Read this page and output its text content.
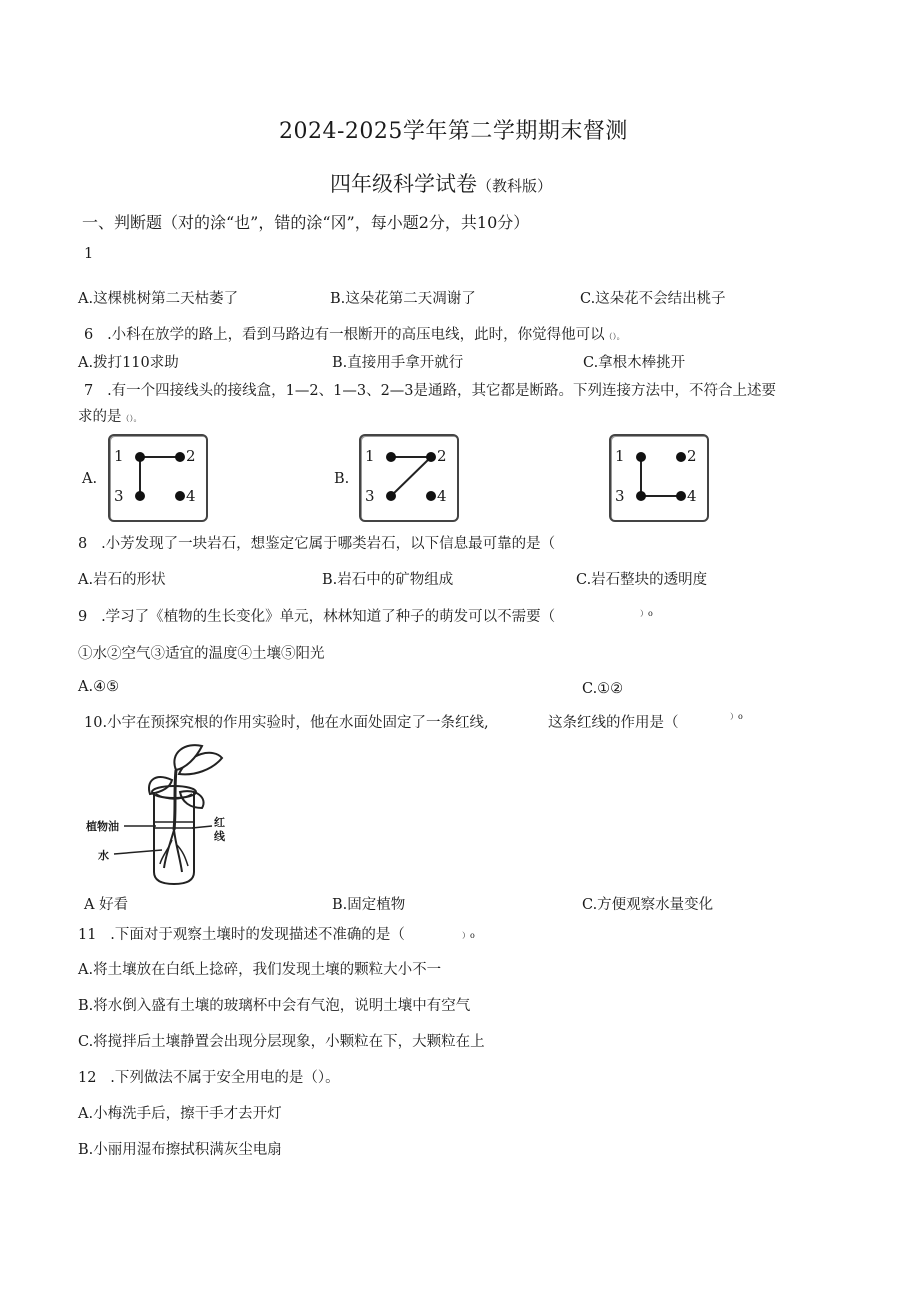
2024-2025学年第二学期期末督测
四年级科学试卷（教科版）
一、判断题（对的涂“也”，错的涂“冈”，每小题2分，共10分）
1
A.这棵桃树第二天枯萎了	B.这朵花第二天凋谢了	C.这朵花不会结出桃子
6 .小科在放学的路上，看到马路边有一根断开的高压电线，此时，你觉得他可以（）。
A.拨打110求助	B.直接用手拿开就行	C.拿根木棒挑开
7 .有一个四接线头的接线盒，1—2、1—3、2—3是通路，其它都是断路。下列连接方法中，不符合上述要
求的是（）。
A.	B.
1	2
3	4
1	2
3	4
1	2
3	4
8 .小芳发现了一块岩石，想鉴定它属于哪类岩石，以下信息最可靠的是（
A.岩石的形状	B.岩石中的矿物组成	C.岩石整块的透明度
9 .学习了《植物的生长变化》单元，林林知道了种子的萌发可以不需要（	）o
①水②空气③适宜的温度④土壤⑤阳光
A.④⑤	C.①②
10.小宇在预探究根的作用实验时，他在水面处固定了一条红线,	这条红线的作用是（	）o
植物油
水
红
线
A 好看	B.固定植物	C.方便观察水量变化
11 .下面对于观察土壤时的发现描述不准确的是（	）o
A.将土壤放在白纸上捻碎，我们发现土壤的颗粒大小不一
B.将水倒入盛有土壤的玻璃杯中会有气泡，说明土壤中有空气
C.将搅拌后土壤静置会出现分层现象，小颗粒在下，大颗粒在上
12 .下列做法不属于安全用电的是（）。
A.小梅洗手后，擦干手才去开灯
B.小丽用湿布擦拭积满灰尘电扇
